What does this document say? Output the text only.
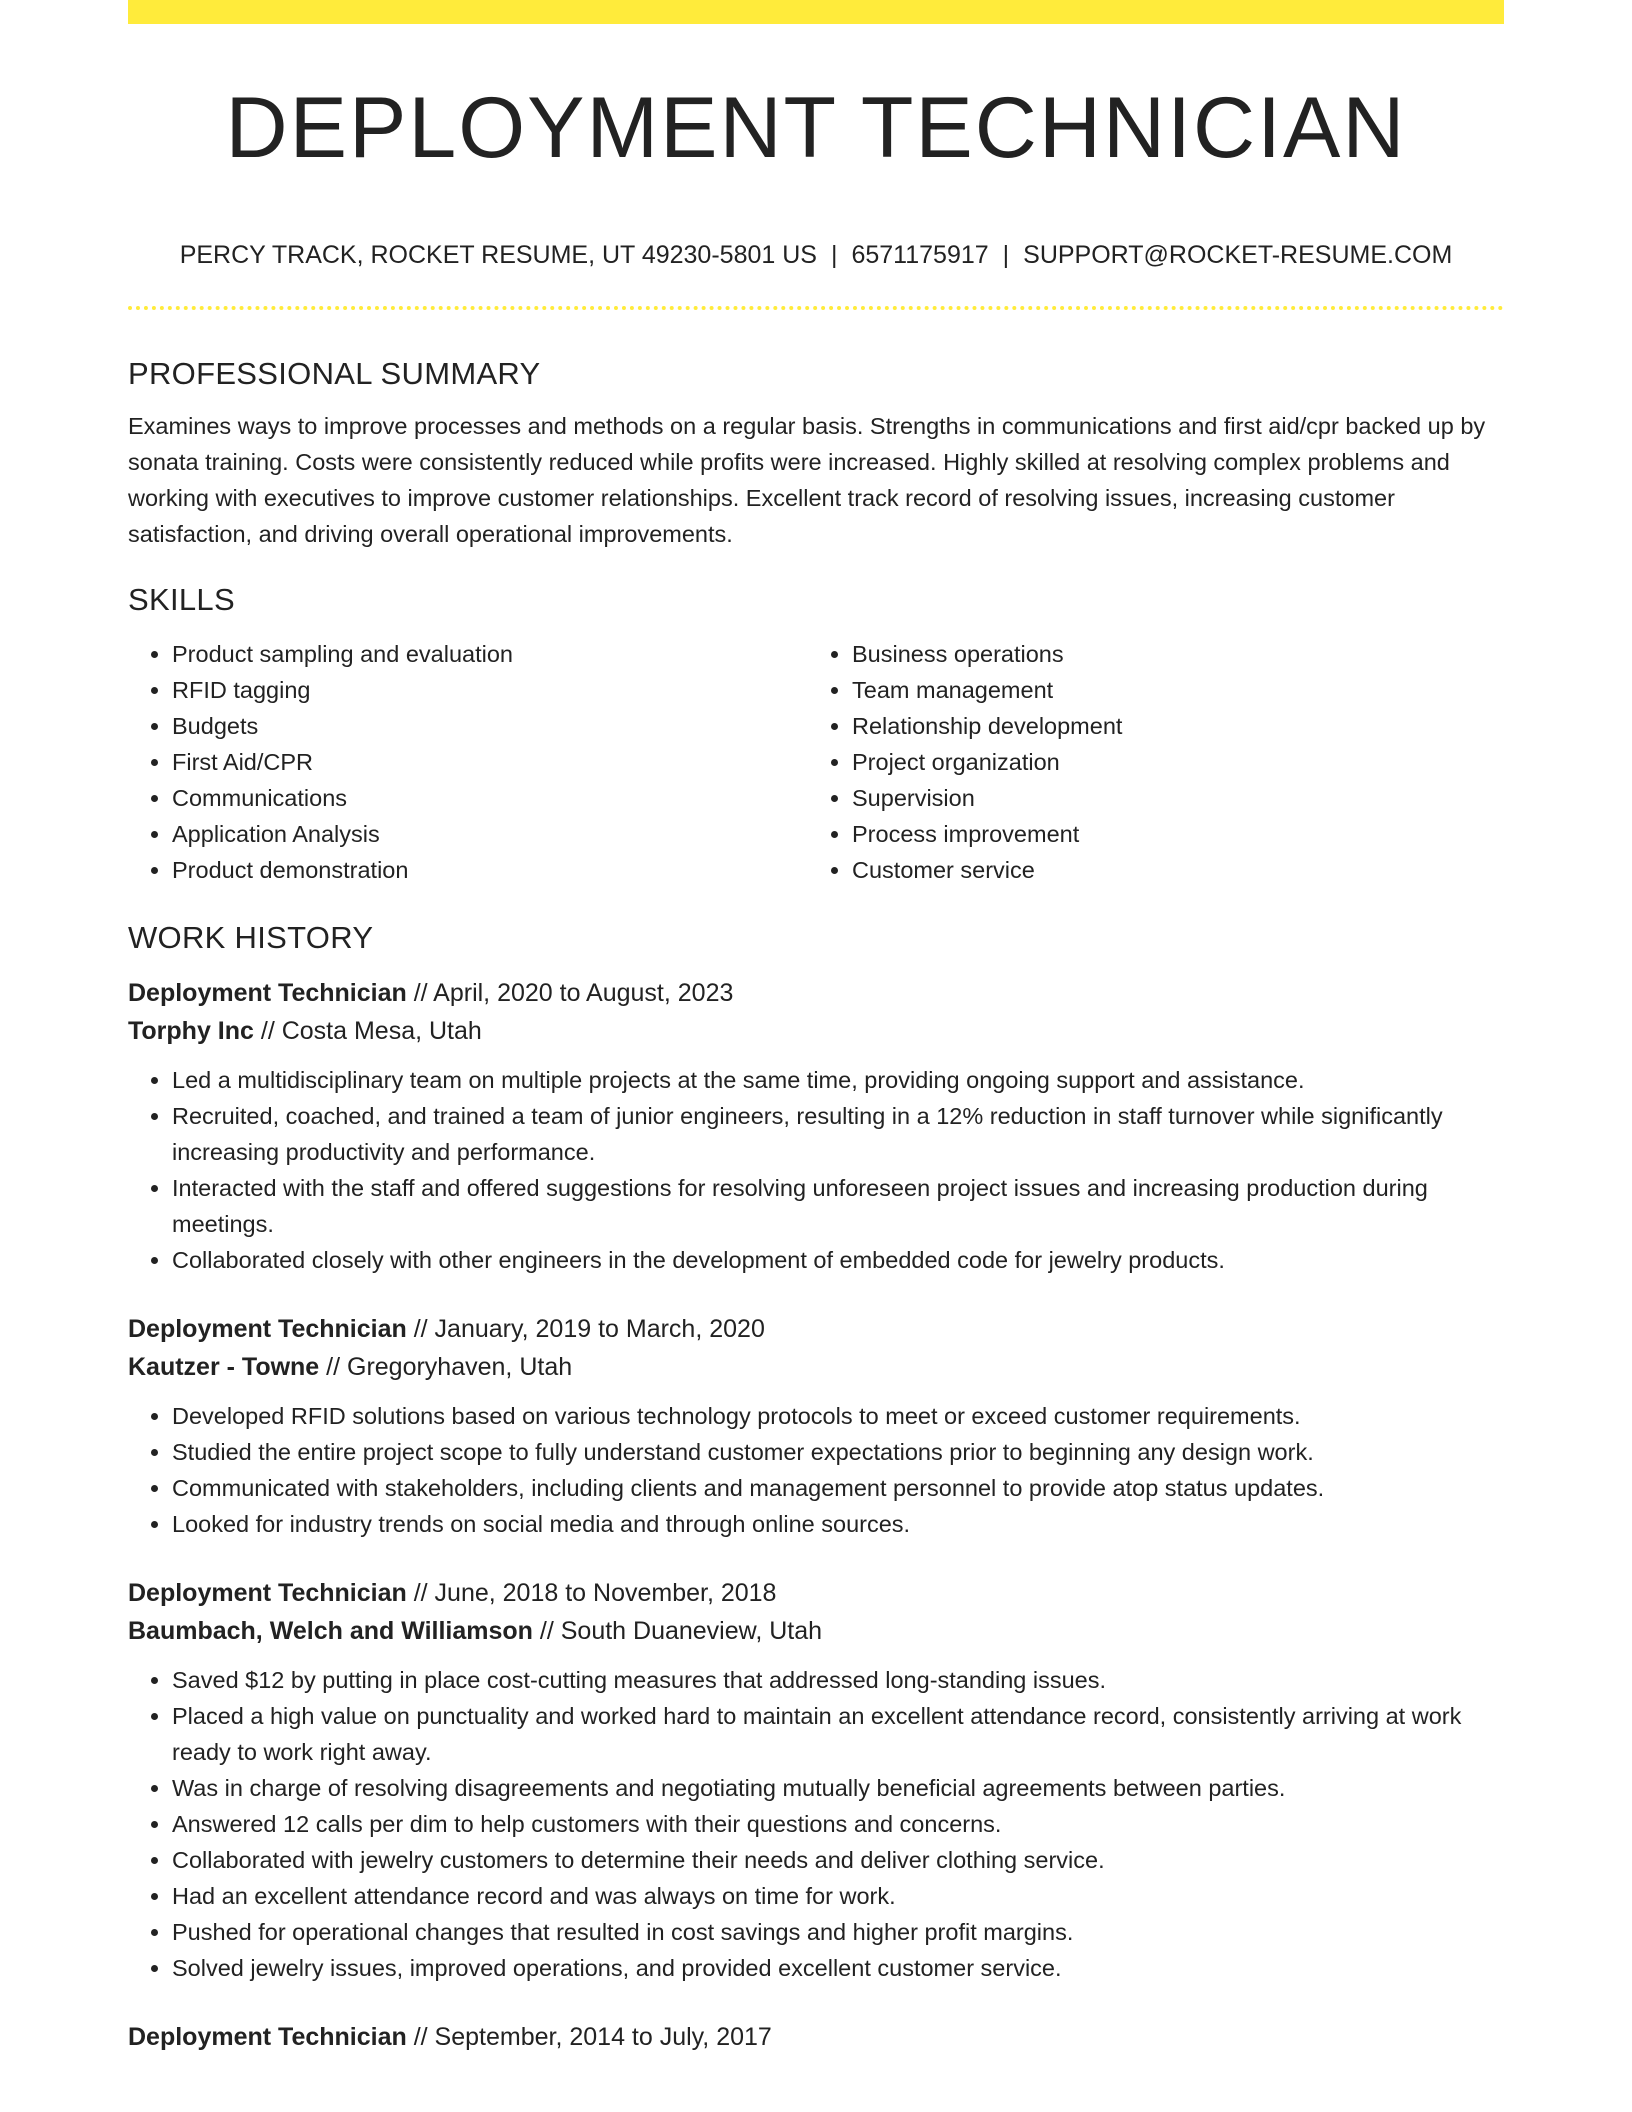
DEPLOYMENT TECHNICIAN
PERCY TRACK, ROCKET RESUME, UT 49230-5801 US | 6571175917 | SUPPORT@ROCKET-RESUME.COM
PROFESSIONAL SUMMARY

Examines ways to improve processes and methods on a regular basis. Strengths in communications and first aid/cpr backed up by sonata training. Costs were consistently reduced while profits were increased. Highly skilled at resolving complex problems and working with executives to improve customer relationships. Excellent track record of resolving issues, increasing customer satisfaction, and driving overall operational improvements.

SKILLS
• Product sampling and evaluation
• RFID tagging
• Budgets
• First Aid/CPR
• Communications
• Application Analysis
• Product demonstration
• Business operations
• Team management
• Relationship development
• Project organization
• Supervision
• Process improvement
• Customer service
WORK HISTORY
Deployment Technician // April, 2020 to August, 2023
Torphy Inc // Costa Mesa, Utah
• Led a multidisciplinary team on multiple projects at the same time, providing ongoing support and assistance.
• Recruited, coached, and trained a team of junior engineers, resulting in a 12% reduction in staff turnover while significantly increasing productivity and performance.
• Interacted with the staff and offered suggestions for resolving unforeseen project issues and increasing production during meetings.
• Collaborated closely with other engineers in the development of embedded code for jewelry products.
Deployment Technician // January, 2019 to March, 2020
Kautzer - Towne // Gregoryhaven, Utah
• Developed RFID solutions based on various technology protocols to meet or exceed customer requirements.
• Studied the entire project scope to fully understand customer expectations prior to beginning any design work.
• Communicated with stakeholders, including clients and management personnel to provide atop status updates.
• Looked for industry trends on social media and through online sources.
Deployment Technician // June, 2018 to November, 2018
Baumbach, Welch and Williamson // South Duaneview, Utah
• Saved $12 by putting in place cost-cutting measures that addressed long-standing issues.
• Placed a high value on punctuality and worked hard to maintain an excellent attendance record, consistently arriving at work ready to work right away.
• Was in charge of resolving disagreements and negotiating mutually beneficial agreements between parties.
• Answered 12 calls per dim to help customers with their questions and concerns.
• Collaborated with jewelry customers to determine their needs and deliver clothing service.
• Had an excellent attendance record and was always on time for work.
• Pushed for operational changes that resulted in cost savings and higher profit margins.
• Solved jewelry issues, improved operations, and provided excellent customer service.
Deployment Technician // September, 2014 to July, 2017
